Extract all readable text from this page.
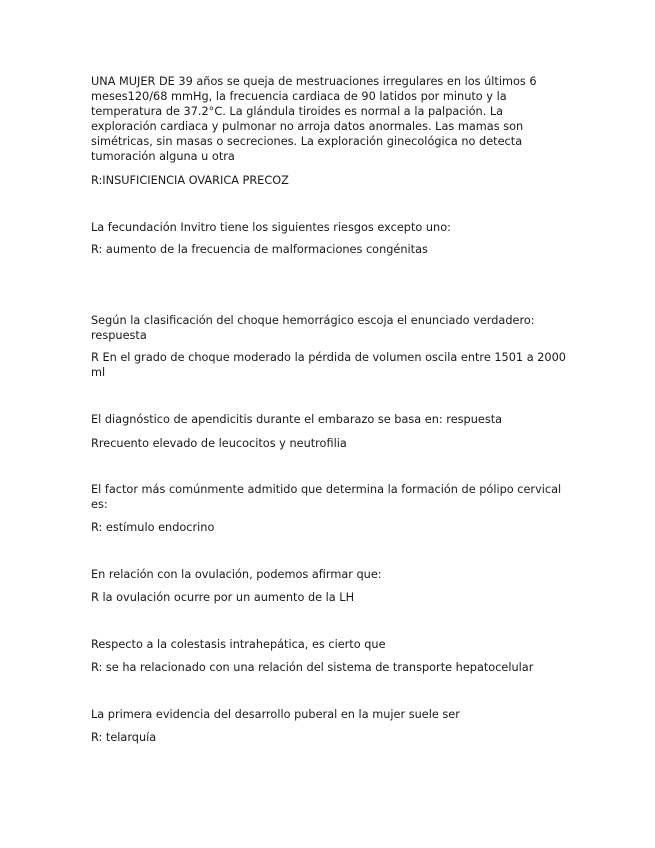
UNA MUJER DE 39 años se queja de mestruaciones irregulares en los últimos 6 meses120/68 mmHg, la frecuencia cardiaca de 90 latidos por minuto y la temperatura de 37.2°C. La glándula tiroides es normal a la palpación. La exploración cardiaca y pulmonar no arroja datos anormales. Las mamas son simétricas, sin masas o secreciones. La exploración ginecológica no detecta tumoración alguna u otra

R:INSUFICIENCIA OVARICA PRECOZ

La fecundación Invitro tiene los siguientes riesgos excepto uno:

R: aumento de la frecuencia de malformaciones congénitas

Según la clasificación del choque hemorrágico escoja el enunciado verdadero: respuesta

R En el grado de choque moderado la pérdida de volumen oscila entre 1501 a 2000 ml

El diagnóstico de apendicitis durante el embarazo se basa en: respuesta

Rrecuento elevado de leucocitos y neutrofilia

El factor más comúnmente admitido que determina la formación de pólipo cervical es:

R: estímulo endocrino

En relación con la ovulación, podemos afirmar que:

R la ovulación ocurre por un aumento de la LH

Respecto a la colestasis intrahepática, es cierto que

R: se ha relacionado con una relación del sistema de transporte hepatocelular

La primera evidencia del desarrollo puberal en la mujer suele ser

R: telarquía
